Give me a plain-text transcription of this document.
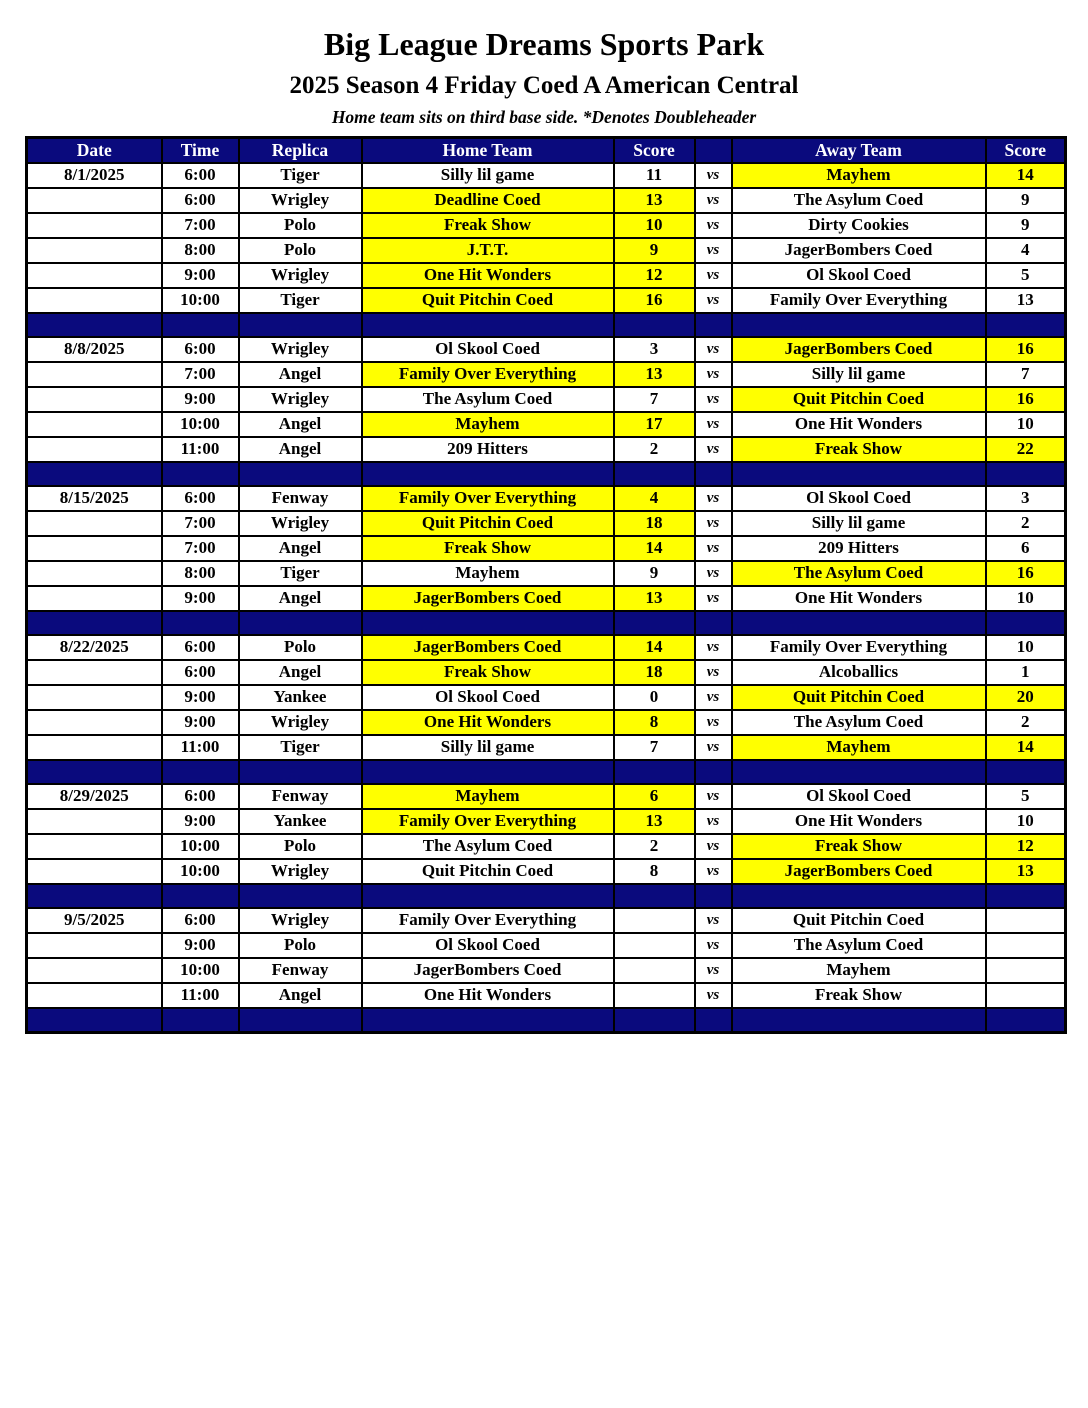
Big League Dreams Sports Park
2025 Season 4 Friday Coed A American Central
Home team sits on third base side. *Denotes Doubleheader
Date	Time	Replica	Home Team	Score		Away Team	Score
8/1/2025	6:00	Tiger	Silly lil game	11	vs	Mayhem	14
	6:00	Wrigley	Deadline Coed	13	vs	The Asylum Coed	9
	7:00	Polo	Freak Show	10	vs	Dirty Cookies	9
	8:00	Polo	J.T.T.	9	vs	JagerBombers Coed	4
	9:00	Wrigley	One Hit Wonders	12	vs	Ol Skool Coed	5
	10:00	Tiger	Quit Pitchin Coed	16	vs	Family Over Everything	13

8/8/2025	6:00	Wrigley	Ol Skool Coed	3	vs	JagerBombers Coed	16
	7:00	Angel	Family Over Everything	13	vs	Silly lil game	7
	9:00	Wrigley	The Asylum Coed	7	vs	Quit Pitchin Coed	16
	10:00	Angel	Mayhem	17	vs	One Hit Wonders	10
	11:00	Angel	209 Hitters	2	vs	Freak Show	22

8/15/2025	6:00	Fenway	Family Over Everything	4	vs	Ol Skool Coed	3
	7:00	Wrigley	Quit Pitchin Coed	18	vs	Silly lil game	2
	7:00	Angel	Freak Show	14	vs	209 Hitters	6
	8:00	Tiger	Mayhem	9	vs	The Asylum Coed	16
	9:00	Angel	JagerBombers Coed	13	vs	One Hit Wonders	10

8/22/2025	6:00	Polo	JagerBombers Coed	14	vs	Family Over Everything	10
	6:00	Angel	Freak Show	18	vs	Alcoballics	1
	9:00	Yankee	Ol Skool Coed	0	vs	Quit Pitchin Coed	20
	9:00	Wrigley	One Hit Wonders	8	vs	The Asylum Coed	2
	11:00	Tiger	Silly lil game	7	vs	Mayhem	14

8/29/2025	6:00	Fenway	Mayhem	6	vs	Ol Skool Coed	5
	9:00	Yankee	Family Over Everything	13	vs	One Hit Wonders	10
	10:00	Polo	The Asylum Coed	2	vs	Freak Show	12
	10:00	Wrigley	Quit Pitchin Coed	8	vs	JagerBombers Coed	13

9/5/2025	6:00	Wrigley	Family Over Everything		vs	Quit Pitchin Coed	
	9:00	Polo	Ol Skool Coed		vs	The Asylum Coed	
	10:00	Fenway	JagerBombers Coed		vs	Mayhem	
	11:00	Angel	One Hit Wonders		vs	Freak Show	
